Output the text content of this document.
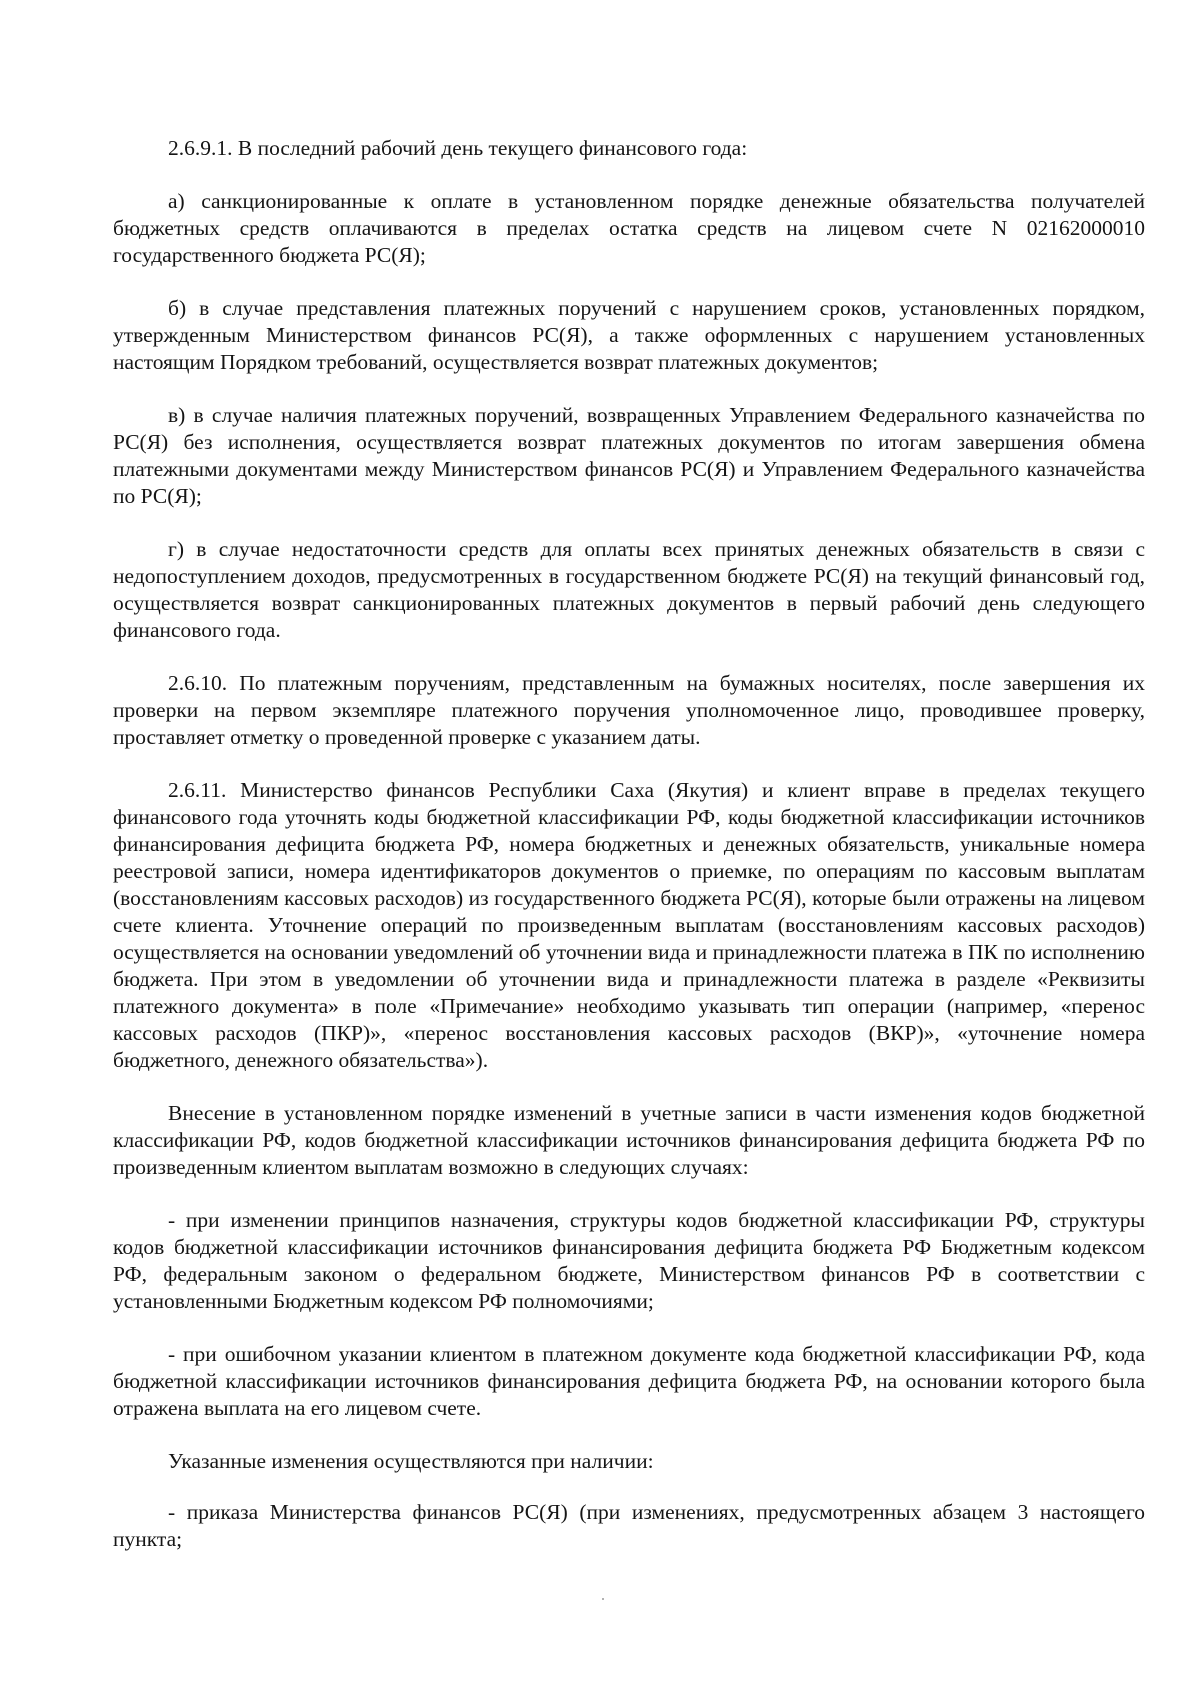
2.6.9.1. В последний рабочий день текущего финансового года:

а) санкционированные к оплате в установленном порядке денежные обязательства получателей бюджетных средств оплачиваются в пределах остатка средств на лицевом счете N 02162000010 государственного бюджета РС(Я);

б) в случае представления платежных поручений с нарушением сроков, установленных порядком, утвержденным Министерством финансов РС(Я), а также оформленных с нарушением установленных настоящим Порядком требований, осуществляется возврат платежных документов;

в) в случае наличия платежных поручений, возвращенных Управлением Федерального казначейства по РС(Я) без исполнения, осуществляется возврат платежных документов по итогам завершения обмена платежными документами между Министерством финансов РС(Я) и Управлением Федерального казначейства по РС(Я);

г) в случае недостаточности средств для оплаты всех принятых денежных обязательств в связи с недопоступлением доходов, предусмотренных в государственном бюджете РС(Я) на текущий финансовый год, осуществляется возврат санкционированных платежных документов в первый рабочий день следующего финансового года.

2.6.10. По платежным поручениям, представленным на бумажных носителях, после завершения их проверки на первом экземпляре платежного поручения уполномоченное лицо, проводившее проверку, проставляет отметку о проведенной проверке с указанием даты.

2.6.11. Министерство финансов Республики Саха (Якутия) и клиент вправе в пределах текущего финансового года уточнять коды бюджетной классификации РФ, коды бюджетной классификации источников финансирования дефицита бюджета РФ, номера бюджетных и денежных обязательств, уникальные номера реестровой записи, номера идентификаторов документов о приемке, по операциям по кассовым выплатам (восстановлениям кассовых расходов) из государственного бюджета РС(Я), которые были отражены на лицевом счете клиента. Уточнение операций по произведенным выплатам (восстановлениям кассовых расходов) осуществляется на основании уведомлений об уточнении вида и принадлежности платежа в ПК по исполнению бюджета. При этом в уведомлении об уточнении вида и принадлежности платежа в разделе «Реквизиты платежного документа» в поле «Примечание» необходимо указывать тип операции (например, «перенос кассовых расходов (ПКР)», «перенос восстановления кассовых расходов (ВКР)», «уточнение номера бюджетного, денежного обязательства»).

Внесение в установленном порядке изменений в учетные записи в части изменения кодов бюджетной классификации РФ, кодов бюджетной классификации источников финансирования дефицита бюджета РФ по произведенным клиентом выплатам возможно в следующих случаях:

- при изменении принципов назначения, структуры кодов бюджетной классификации РФ, структуры кодов бюджетной классификации источников финансирования дефицита бюджета РФ Бюджетным кодексом РФ, федеральным законом о федеральном бюджете, Министерством финансов РФ в соответствии с установленными Бюджетным кодексом РФ полномочиями;

- при ошибочном указании клиентом в платежном документе кода бюджетной классификации РФ, кода бюджетной классификации источников финансирования дефицита бюджета РФ, на основании которого была отражена выплата на его лицевом счете.

Указанные изменения осуществляются при наличии:

- приказа Министерства финансов РС(Я) (при изменениях, предусмотренных абзацем 3 настоящего пункта;
